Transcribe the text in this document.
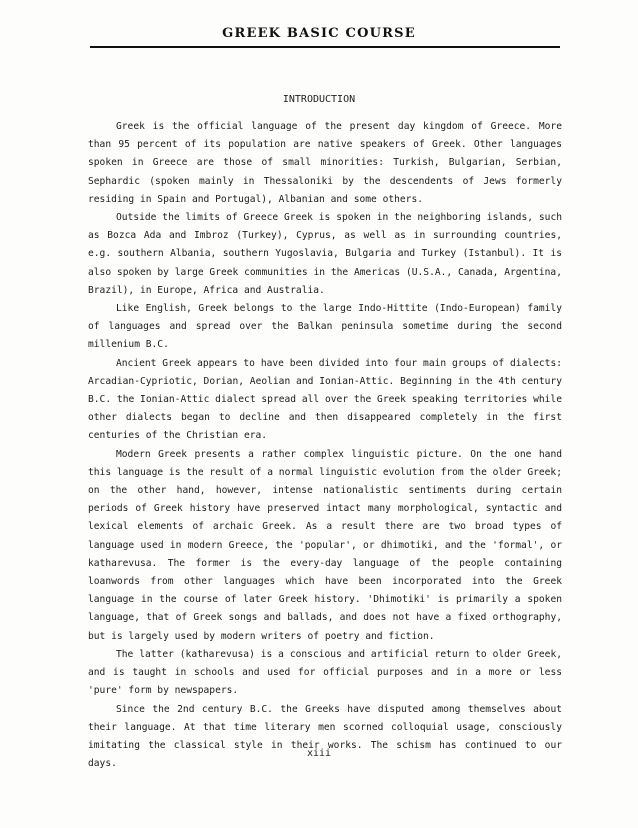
GREEK BASIC COURSE
INTRODUCTION

Greek is the official language of the present day kingdom of Greece. More than 95 percent of its population are native speakers of Greek. Other languages spoken in Greece are those of small minorities: Turkish, Bulgarian, Serbian, Sephardic (spoken mainly in Thessaloniki by the descendents of Jews formerly residing in Spain and Portugal), Albanian and some others.

Outside the limits of Greece Greek is spoken in the neighboring islands, such as Bozca Ada and Imbroz (Turkey), Cyprus, as well as in surrounding countries, e.g. southern Albania, southern Yugoslavia, Bulgaria and Turkey (Istanbul). It is also spoken by large Greek communities in the Americas (U.S.A., Canada, Argentina, Brazil), in Europe, Africa and Australia.

Like English, Greek belongs to the large Indo-Hittite (Indo-European) family of languages and spread over the Balkan peninsula sometime during the second millenium B.C.

Ancient Greek appears to have been divided into four main groups of dialects: Arcadian-Cypriotic, Dorian, Aeolian and Ionian-Attic. Beginning in the 4th century B.C. the Ionian-Attic dialect spread all over the Greek speaking territories while other dialects began to decline and then disappeared completely in the first centuries of the Christian era.

Modern Greek presents a rather complex linguistic picture. On the one hand this language is the result of a normal linguistic evolution from the older Greek; on the other hand, however, intense nationalistic sentiments during certain periods of Greek history have preserved intact many morphological, syntactic and lexical elements of archaic Greek. As a result there are two broad types of language used in modern Greece, the 'popular', or dhimotiki, and the 'formal', or katharevusa. The former is the every-day language of the people containing loanwords from other languages which have been incorporated into the Greek language in the course of later Greek history. 'Dhimotiki' is primarily a spoken language, that of Greek songs and ballads, and does not have a fixed orthography, but is largely used by modern writers of poetry and fiction.

The latter (katharevusa) is a conscious and artificial return to older Greek, and is taught in schools and used for official purposes and in a more or less 'pure' form by newspapers.

Since the 2nd century B.C. the Greeks have disputed among themselves about their language. At that time literary men scorned colloquial usage, consciously imitating the classical style in their works. The schism has continued to our days.

xiii
